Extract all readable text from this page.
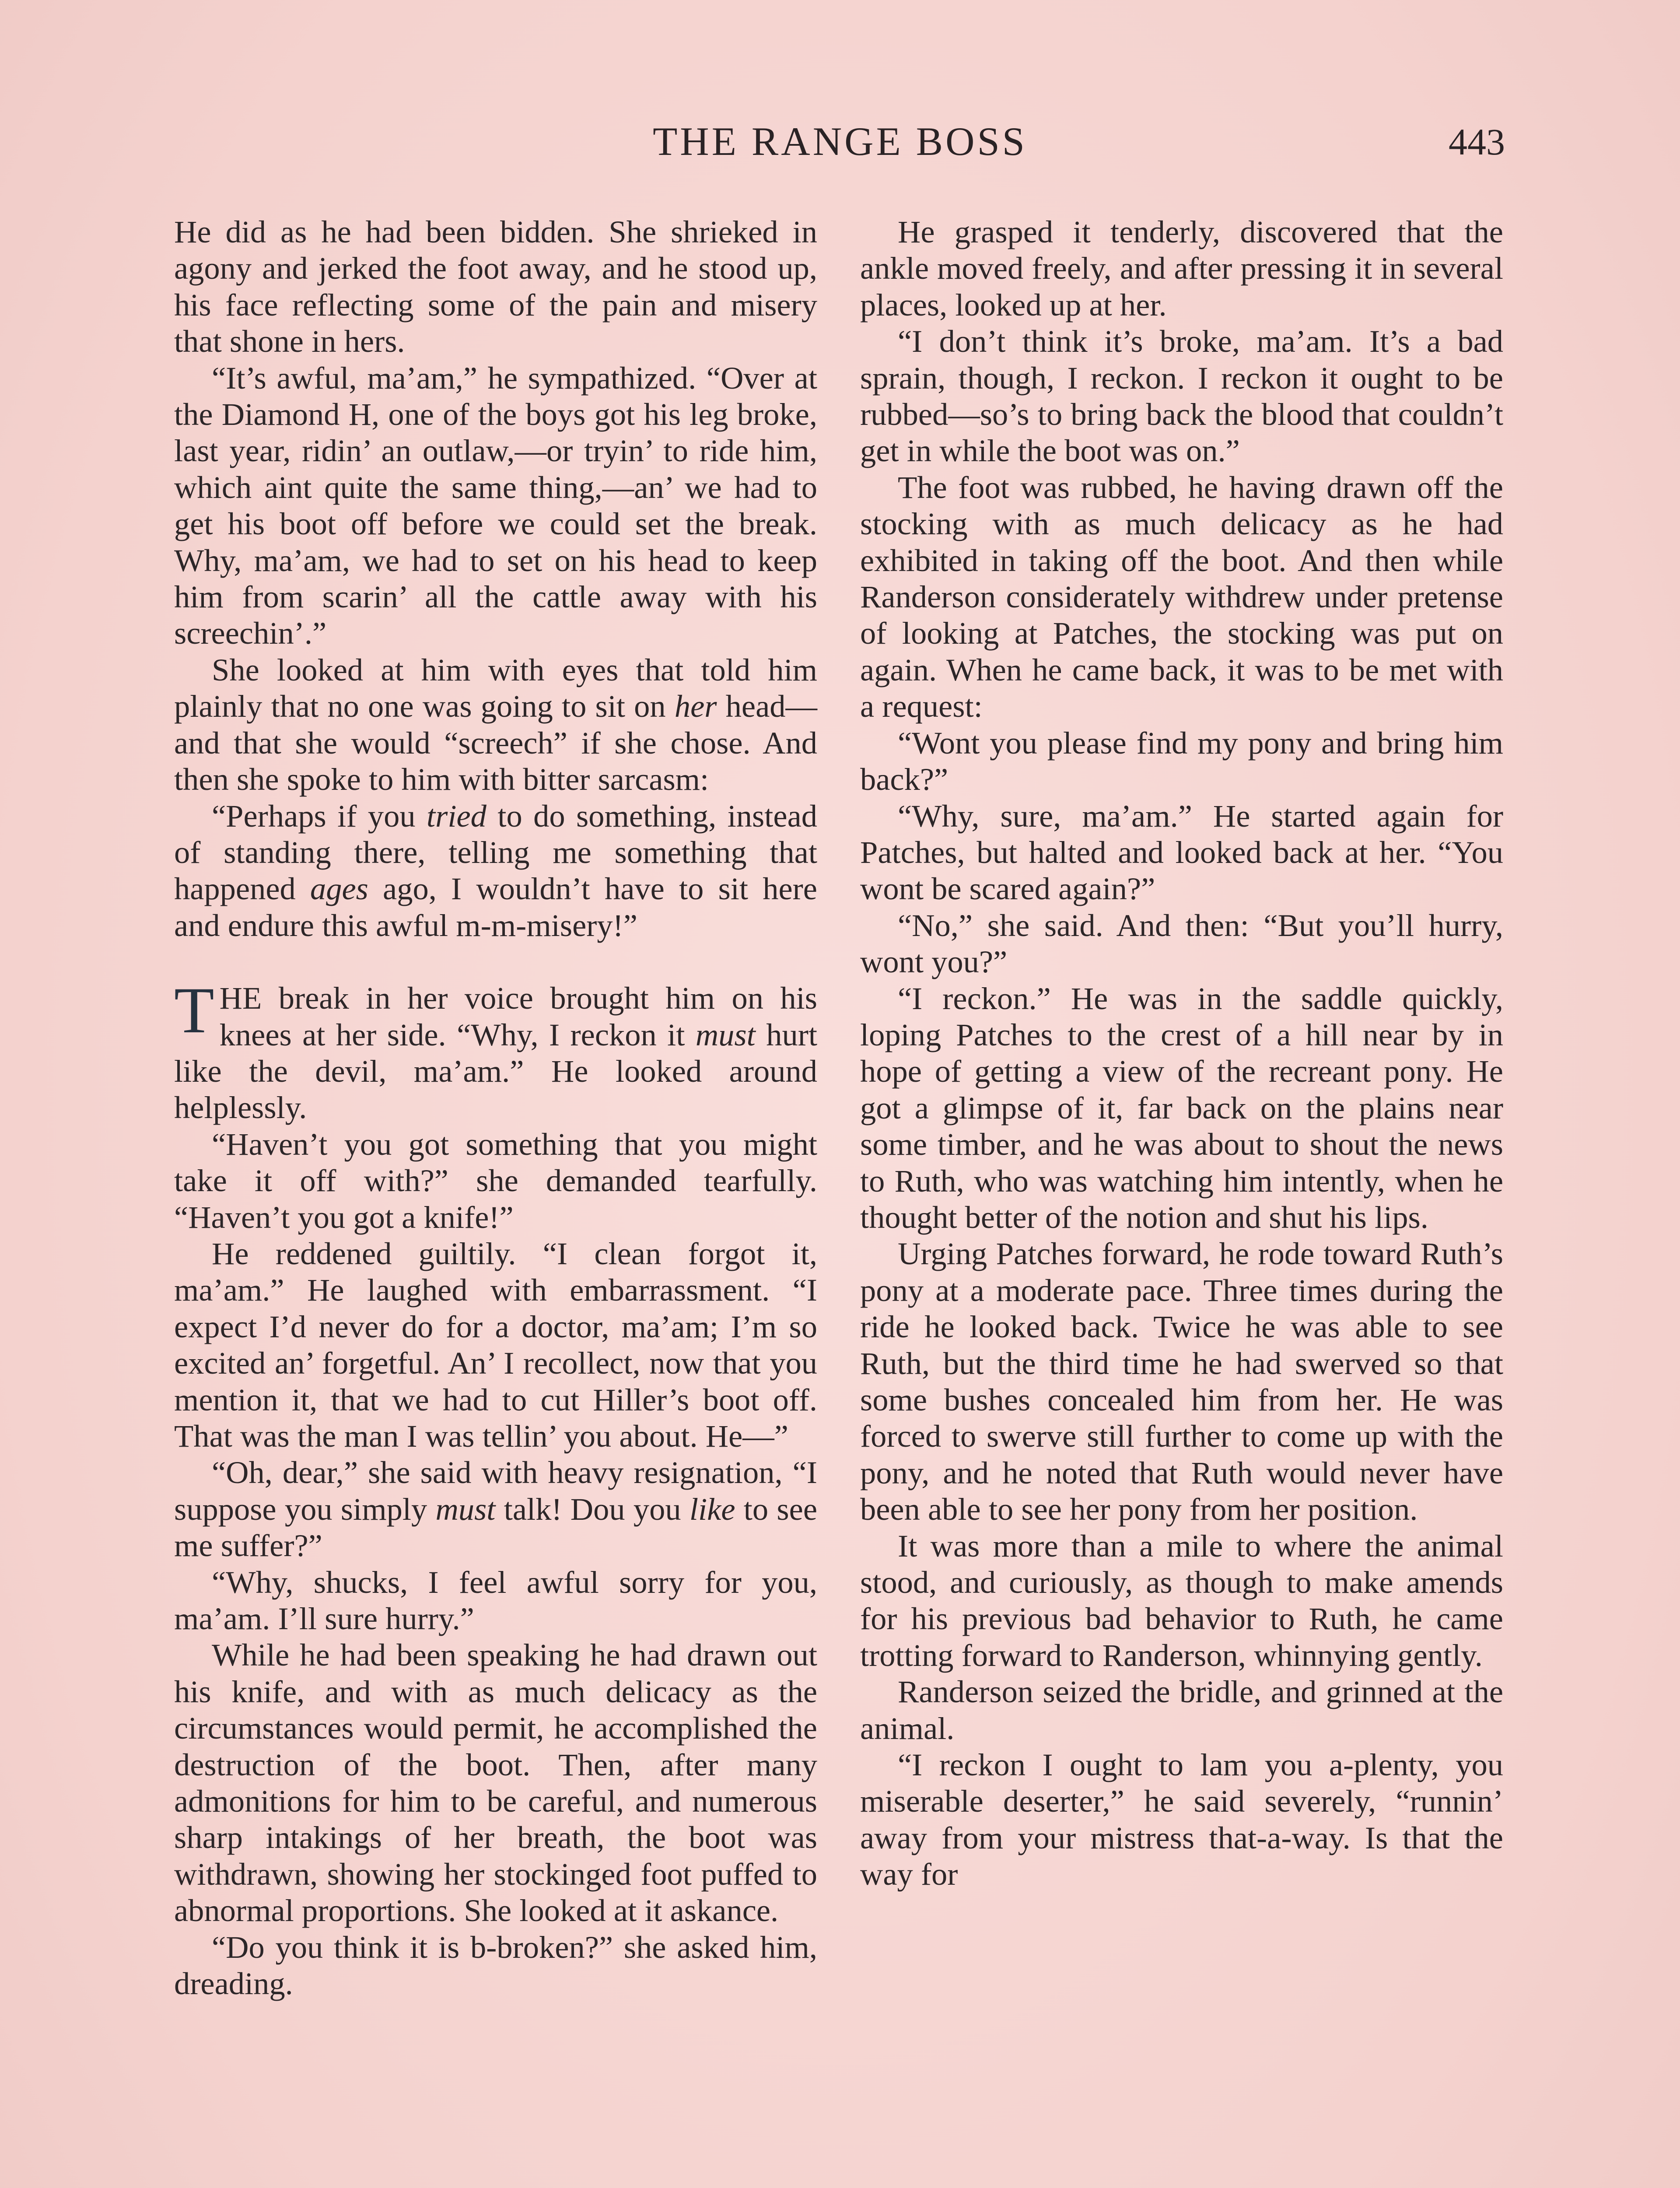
THE RANGE BOSS	443

He did as he had been bidden. She shrieked in agony and jerked the foot away, and he stood up, his face reflecting some of the pain and misery that shone in hers.

“It’s awful, ma’am,” he sympathized. “Over at the Diamond H, one of the boys got his leg broke, last year, ridin’ an outlaw,—or tryin’ to ride him, which aint quite the same thing,—an’ we had to get his boot off before we could set the break. Why, ma’am, we had to set on his head to keep him from scarin’ all the cattle away with his screechin’.”

She looked at him with eyes that told him plainly that no one was going to sit on her head—and that she would “screech” if she chose. And then she spoke to him with bitter sarcasm:

“Perhaps if you tried to do something, instead of standing there, telling me something that happened ages ago, I wouldn’t have to sit here and endure this awful m-m-misery!”

THE break in her voice brought him on his knees at her side. “Why, I reckon it must hurt like the devil, ma’am.” He looked around helplessly.

“Haven’t you got something that you might take it off with?” she demanded tearfully. “Haven’t you got a knife!”

He reddened guiltily. “I clean forgot it, ma’am.” He laughed with embarrassment. “I expect I’d never do for a doctor, ma’am; I’m so excited an’ forgetful. An’ I recollect, now that you mention it, that we had to cut Hiller’s boot off. That was the man I was tellin’ you about. He—”

“Oh, dear,” she said with heavy resignation, “I suppose you simply must talk! Dou you like to see me suffer?”

“Why, shucks, I feel awful sorry for you, ma’am. I’ll sure hurry.”

While he had been speaking he had drawn out his knife, and with as much delicacy as the circumstances would permit, he accomplished the destruction of the boot. Then, after many admonitions for him to be careful, and numerous sharp intakings of her breath, the boot was withdrawn, showing her stockinged foot puffed to abnormal proportions. She looked at it askance.

“Do you think it is b-broken?” she asked him, dreading.

He grasped it tenderly, discovered that the ankle moved freely, and after pressing it in several places, looked up at her.

“I don’t think it’s broke, ma’am. It’s a bad sprain, though, I reckon. I reckon it ought to be rubbed—so’s to bring back the blood that couldn’t get in while the boot was on.”

The foot was rubbed, he having drawn off the stocking with as much delicacy as he had exhibited in taking off the boot. And then while Randerson considerately withdrew under pretense of looking at Patches, the stocking was put on again. When he came back, it was to be met with a request:

“Wont you please find my pony and bring him back?”

“Why, sure, ma’am.” He started again for Patches, but halted and looked back at her. “You wont be scared again?”

“No,” she said. And then: “But you’ll hurry, wont you?”

“I reckon.” He was in the saddle quickly, loping Patches to the crest of a hill near by in hope of getting a view of the recreant pony. He got a glimpse of it, far back on the plains near some timber, and he was about to shout the news to Ruth, who was watching him intently, when he thought better of the notion and shut his lips.

Urging Patches forward, he rode toward Ruth’s pony at a moderate pace. Three times during the ride he looked back. Twice he was able to see Ruth, but the third time he had swerved so that some bushes concealed him from her. He was forced to swerve still further to come up with the pony, and he noted that Ruth would never have been able to see her pony from her position.

It was more than a mile to where the animal stood, and curiously, as though to make amends for his previous bad behavior to Ruth, he came trotting forward to Randerson, whinnying gently.

Randerson seized the bridle, and grinned at the animal.

“I reckon I ought to lam you a-plenty, you miserable deserter,” he said severely, “runnin’ away from your mistress that-a-way. Is that the way for
